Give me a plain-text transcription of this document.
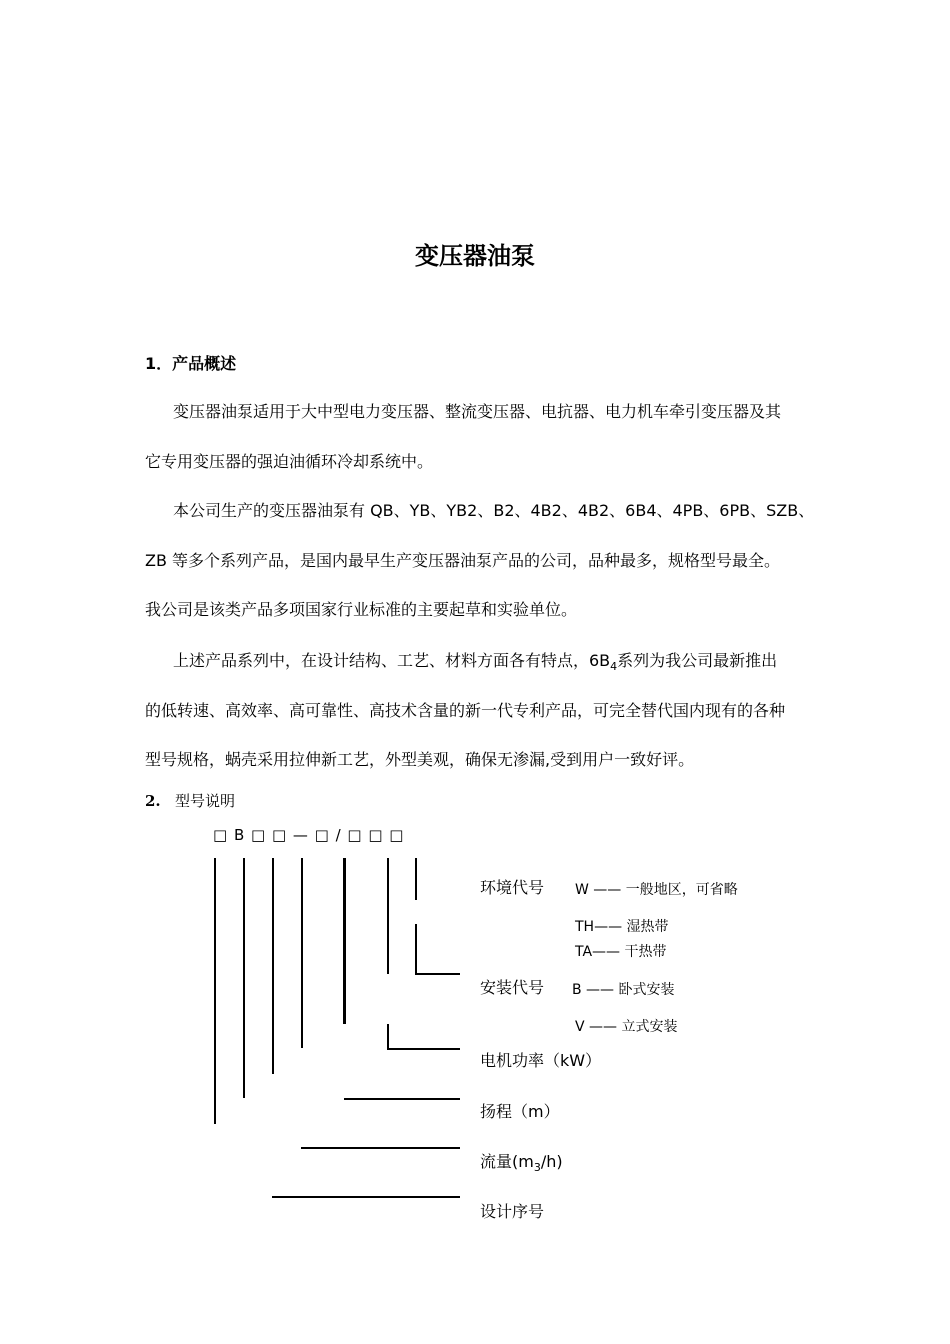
变压器油泵
1．产品概述
变压器油泵适用于大中型电力变压器、整流变压器、电抗器、电力机车牵引变压器及其
它专用变压器的强迫油循环冷却系统中。
本公司生产的变压器油泵有 QB、YB、YB2、B2、4B2、4B2、6B4、4PB、6PB、SZB、
ZB 等多个系列产品，是国内最早生产变压器油泵产品的公司，品种最多，规格型号最全。
我公司是该类产品多项国家行业标准的主要起草和实验单位。
上述产品系列中，在设计结构、工艺、材料方面各有特点，$6B_4$系列为我公司最新推出
的低转速、高效率、高可靠性、高技术含量的新一代专利产品，可完全替代国内现有的各种
型号规格，蜗壳采用拉伸新工艺，外型美观，确保无渗漏,受到用户一致好评。
2. 型号说明
□ B □ □ — □ / □ □ □
环境代号
安装代号
电机功率（kW）
扬程（m）
流量$(m_3/h)$
设计序号
W —— 一般地区，可省略
TH—— 湿热带
TA—— 干热带
B —— 卧式安装
V —— 立式安装
